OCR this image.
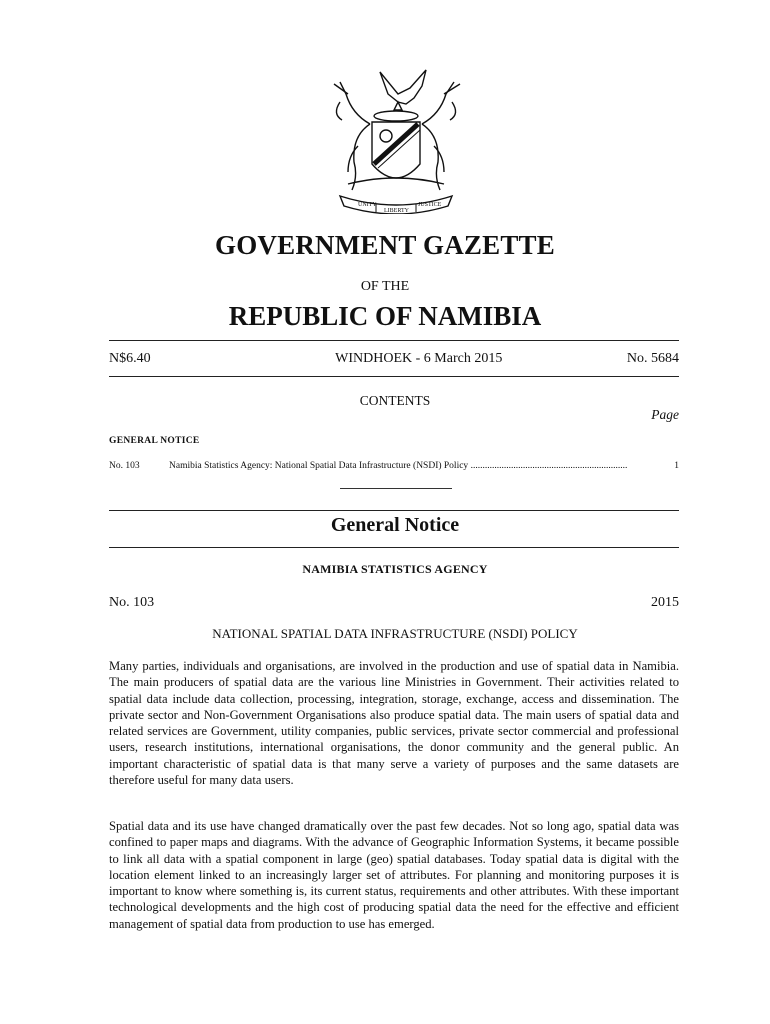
UNITY
LIBERTY
JUSTICE
GOVERNMENT GAZETTE
OF THE
REPUBLIC OF NAMIBIA
N$6.40	WINDHOEK - 6 March 2015	No. 5684
CONTENTS
Page
GENERAL NOTICE
No. 103	Namibia Statistics Agency: National Spatial Data Infrastructure (NSDI) Policy ..................................................................	1
General Notice
NAMIBIA STATISTICS AGENCY
No. 103	2015
NATIONAL SPATIAL DATA INFRASTRUCTURE (NSDI) POLICY
Many parties, individuals and organisations, are involved in the production and use of spatial data in Namibia. The main producers of spatial data are the various line Ministries in Government. Their activities related to spatial data include data collection, processing, integration, storage, exchange, access and dissemination. The private sector and Non-Government Organisations also produce spatial data. The main users of spatial data and related services are Government, utility companies, public services, private sector commercial and professional users, research institutions, international organisations, the donor community and the general public. An important characteristic of spatial data is that many serve a variety of purposes and the same datasets are therefore useful for many data users.
Spatial data and its use have changed dramatically over the past few decades. Not so long ago, spatial data was confined to paper maps and diagrams. With the advance of Geographic Information Systems, it became possible to link all data with a spatial component in large (geo) spatial databases. Today spatial data is digital with the location element linked to an increasingly larger set of attributes. For planning and monitoring purposes it is important to know where something is, its current status, requirements and other attributes. With these important technological developments and the high cost of producing spatial data the need for the effective and efficient management of spatial data from production to use has emerged.
